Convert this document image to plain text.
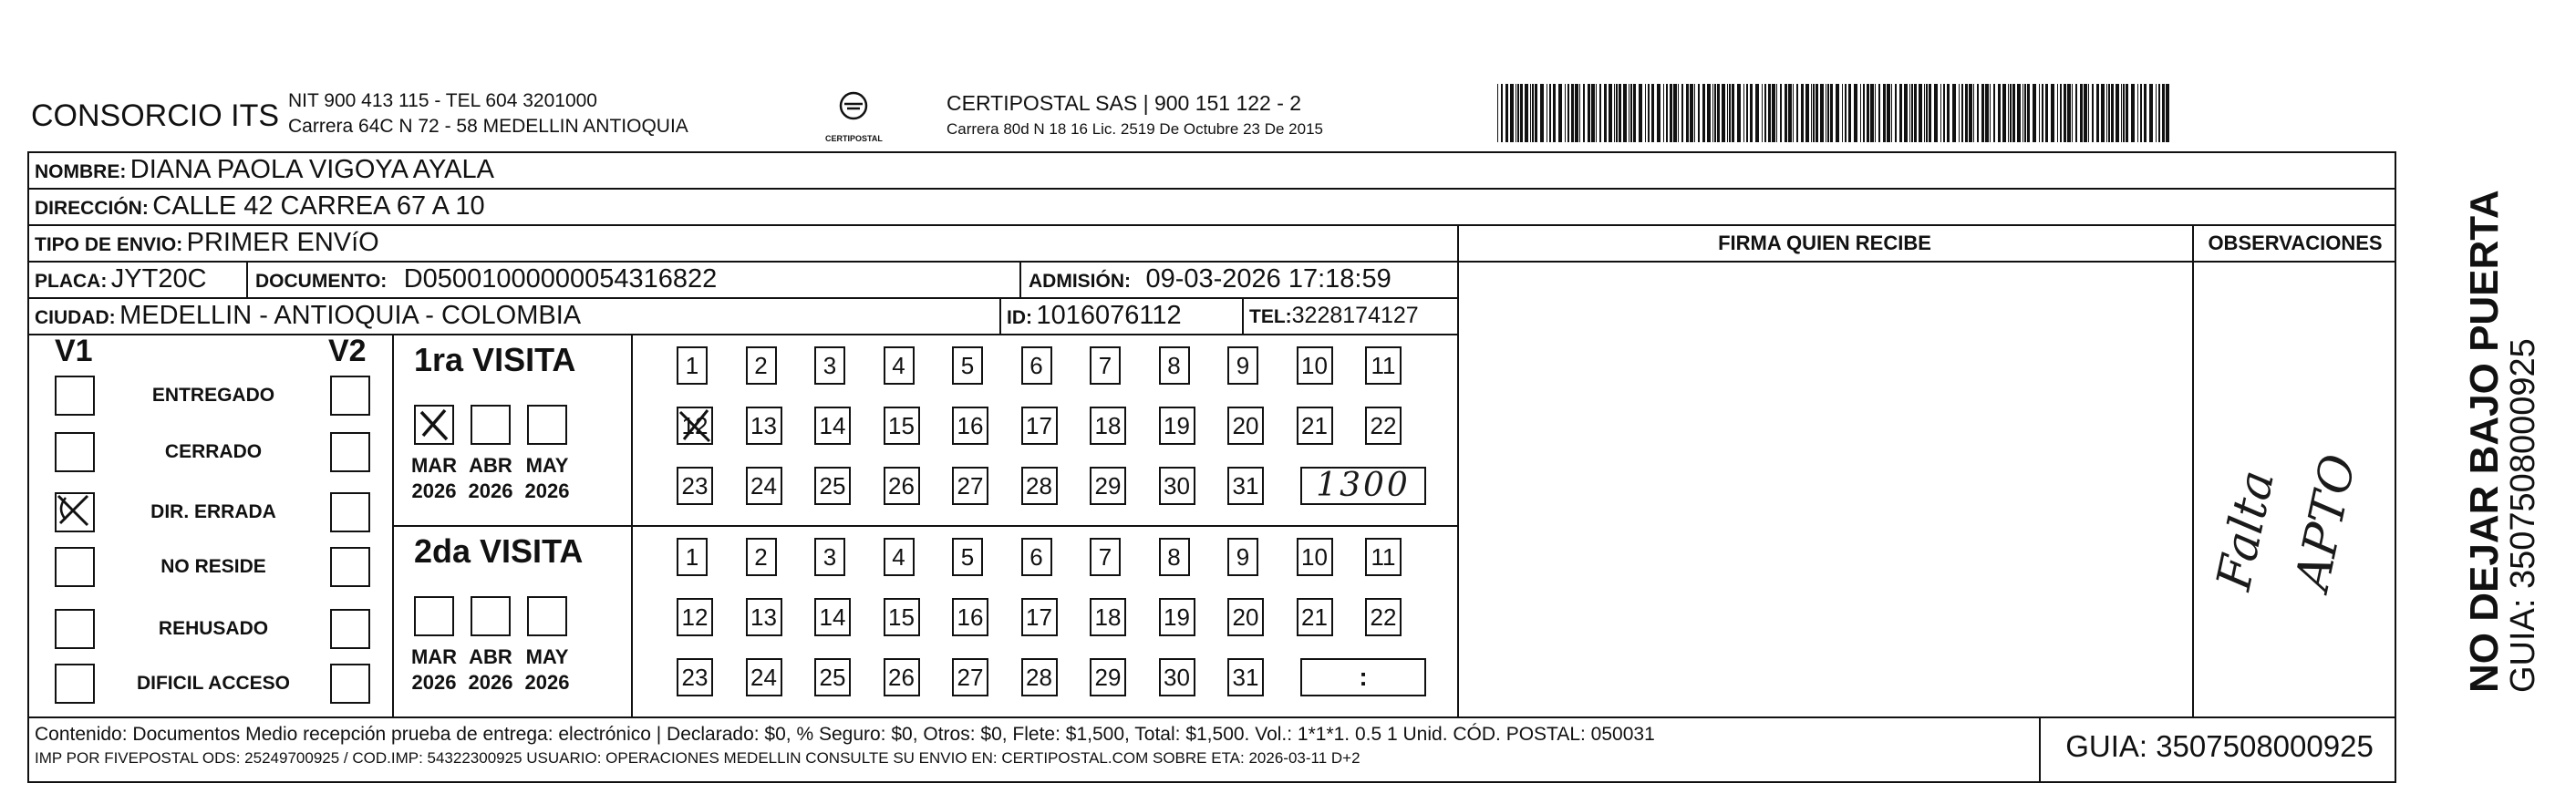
CONSORCIO ITS NIT 900 413 115 - TEL 604 3201000
Carrera 64C N 72 - 58 MEDELLIN ANTIOQUIA
CERTIPOSTAL
CERTIPOSTAL SAS | 900 151 122 - 2
Carrera 80d N 18 16 Lic. 2519 De Octubre 23 De 2015
NOMBRE: DIANA PAOLA VIGOYA AYALA
DIRECCIÓN: CALLE 42 CARREA 67 A 10
TIPO DE ENVIO: PRIMER ENVíO
PLACA: JYT20C	DOCUMENTO: D0500100000005431682​2	ADMISIÓN: 09-03-2026 17:18:59
CIUDAD: MEDELLIN - ANTIOQUIA - COLOMBIA	ID: 1016076112	TEL:3228174127
FIRMA QUIEN RECIBE	OBSERVACIONES
V1	V2
ENTREGADO
CERRADO
DIR. ERRADA
NO RESIDE
REHUSADO
DIFICIL ACCESO
1ra VISITA
2da VISITA
MAR
2026
ABR
2026
MAY
2026
1	2	3	4	5	6	7	8	9	10 11
12 13 14 15 16 17 18 19 20 21 22
23 24 25 26 27 28 29 30 31	1300
MAR
2026
ABR
2026
MAY
2026
1	2	3	4	5	6	7	8	9	10 11
12 13 14 15 16 17 18 19 20 21 22
23 24 25 26 27 28 29 30 31	:
Falta APTO
Contenido: Documentos Medio recepción prueba de entrega: electrónico | Declarado: $0, % Seguro: $0, Otros: $0, Flete: $1,500, Total: $1,500. Vol.: 1*1*1. 0.5 1 Unid. CÓD. POSTAL: 050031
IMP POR FIVEPOSTAL ODS: 25249700925 / COD.IMP: 54322300925 USUARIO: OPERACIONES MEDELLIN CONSULTE SU ENVIO EN: CERTIPOSTAL.COM SOBRE ETA: 2026-03-11 D+2	GUIA: 3507508000925
NO DEJAR BAJO PUERTA
GUIA: 3507508000925
